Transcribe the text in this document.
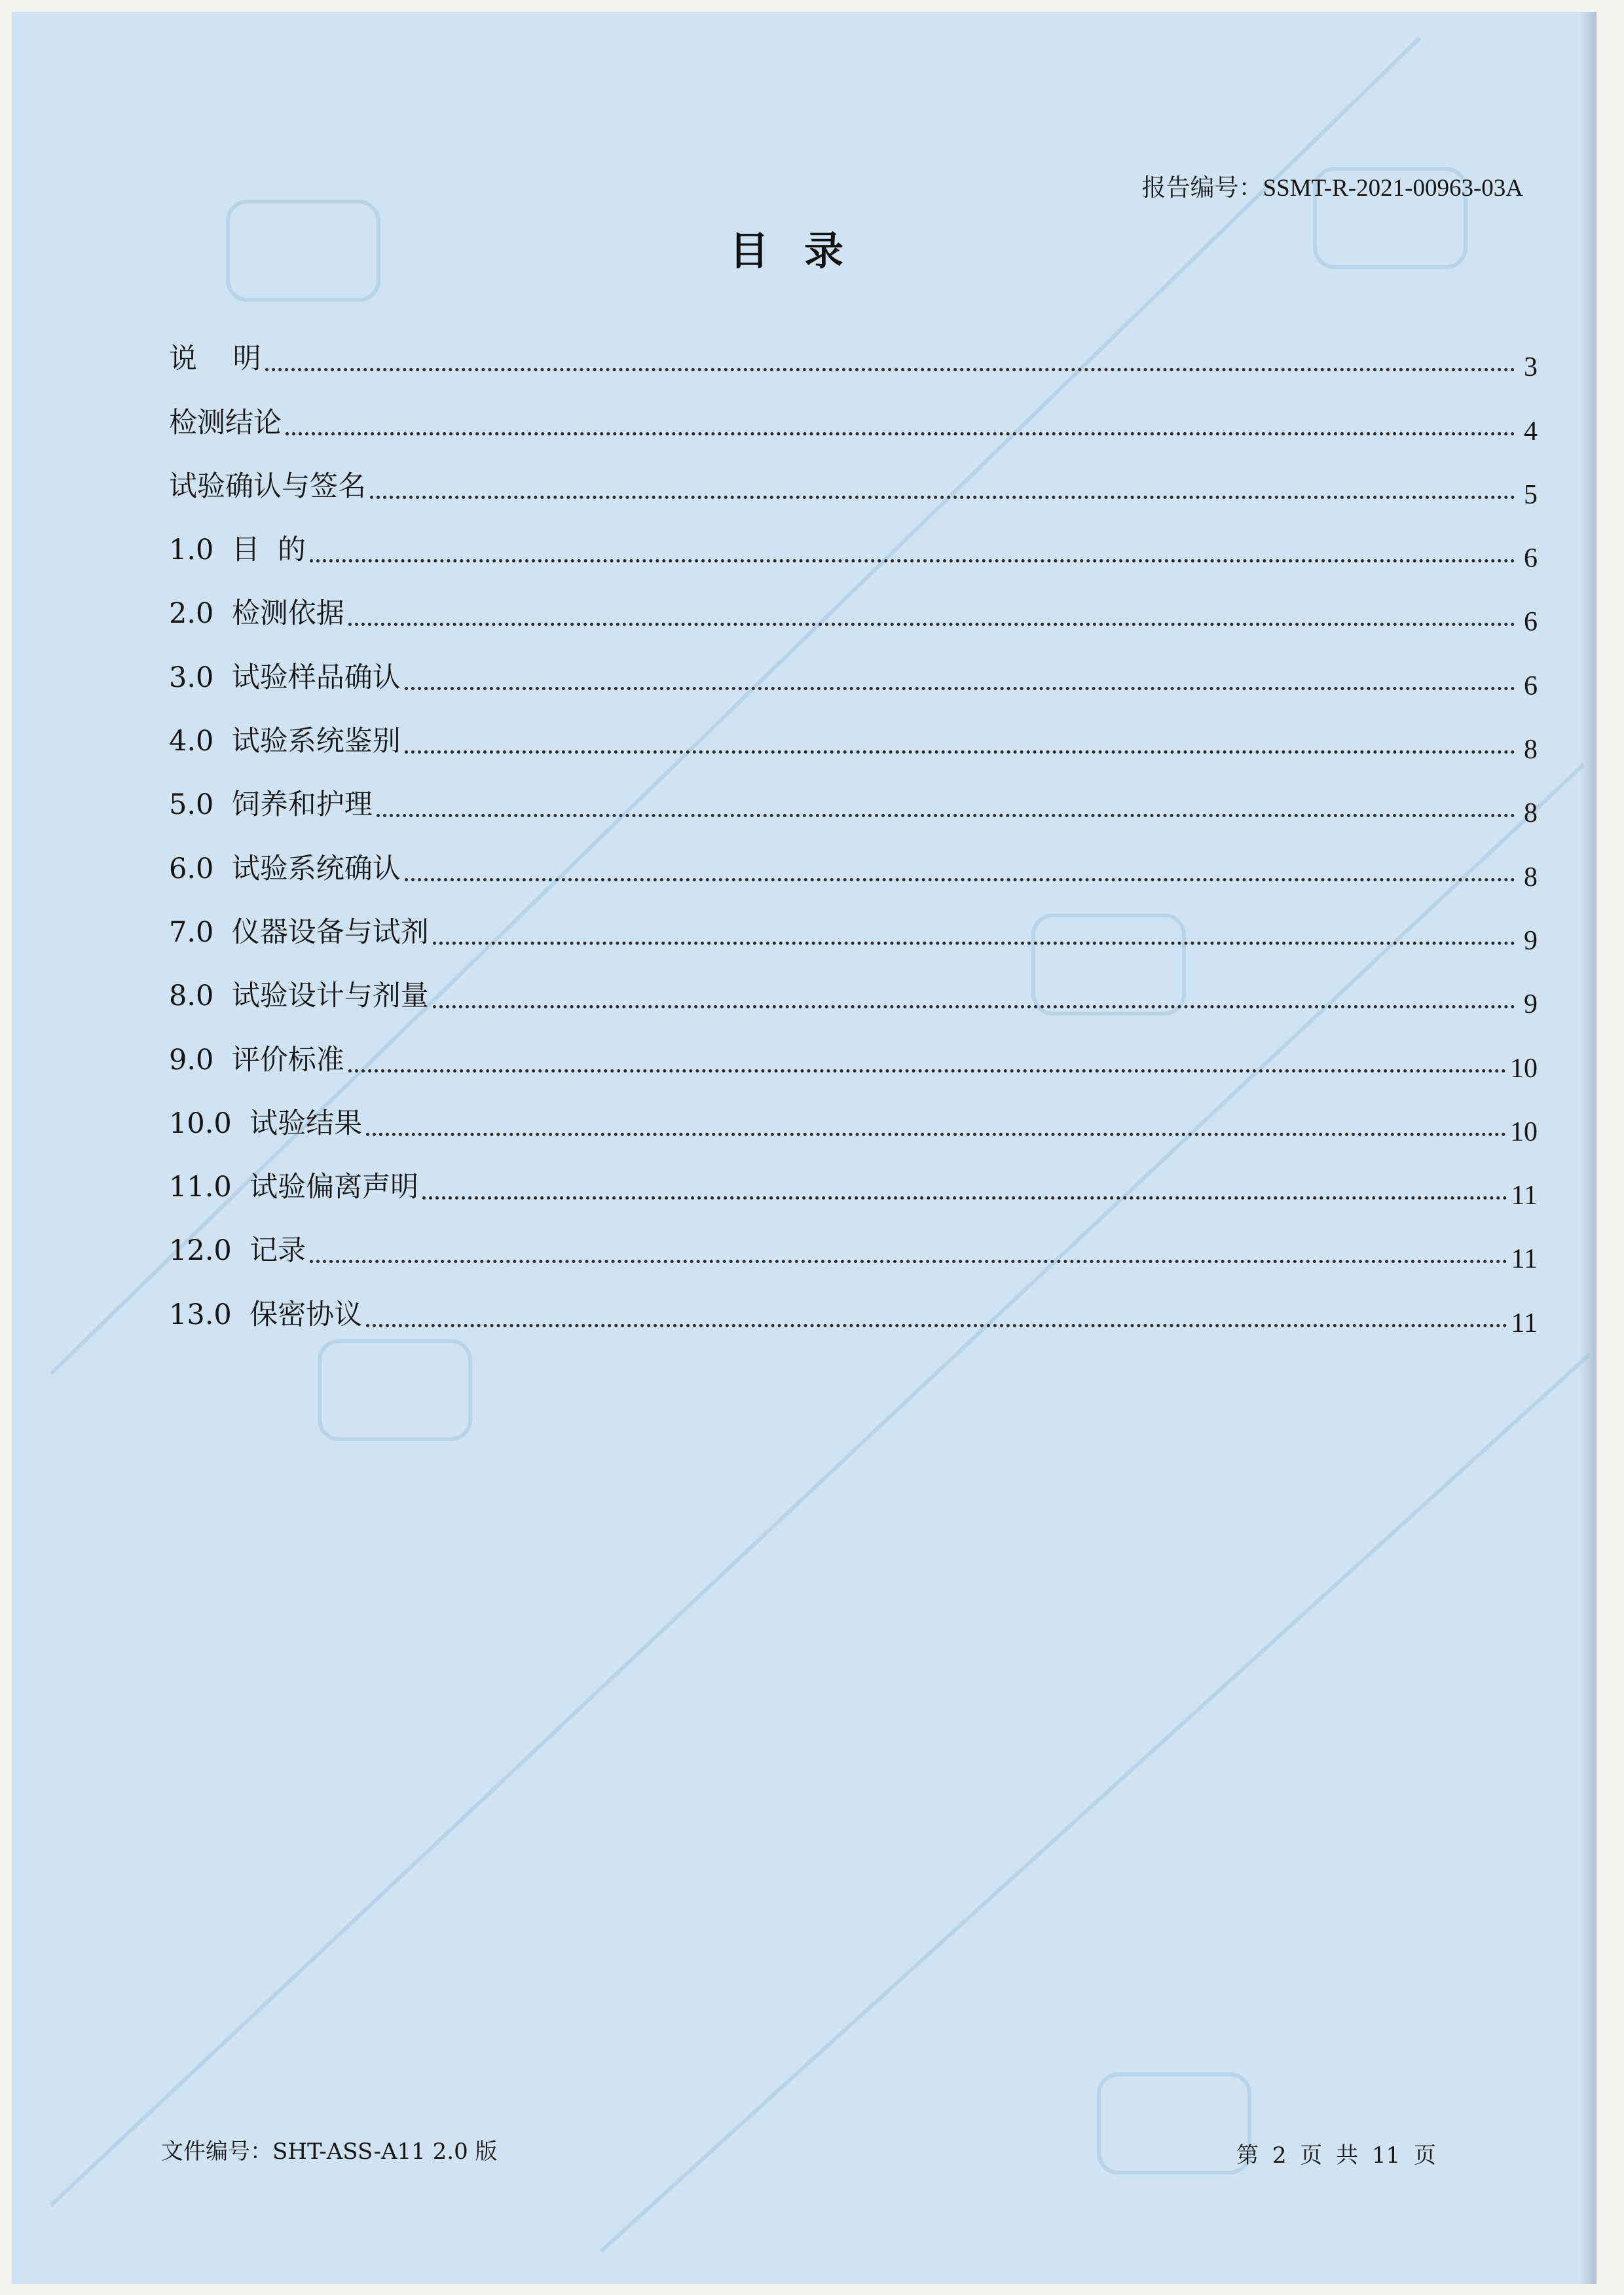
报告编号：SSMT-R-2021-00963-03A
目录
说    明	3
检测结论	4
试验确认与签名	5
1.0  目  的	6
2.0  检测依据	6
3.0  试验样品确认	6
4.0  试验系统鉴别	8
5.0  饲养和护理	8
6.0  试验系统确认	8
7.0  仪器设备与试剂	9
8.0  试验设计与剂量	9
9.0  评价标准	10
10.0  试验结果	10
11.0  试验偏离声明	11
12.0  记录	11
13.0  保密协议	11
文件编号：SHT-ASS-A11 2.0 版	第 2 页 共 11 页
